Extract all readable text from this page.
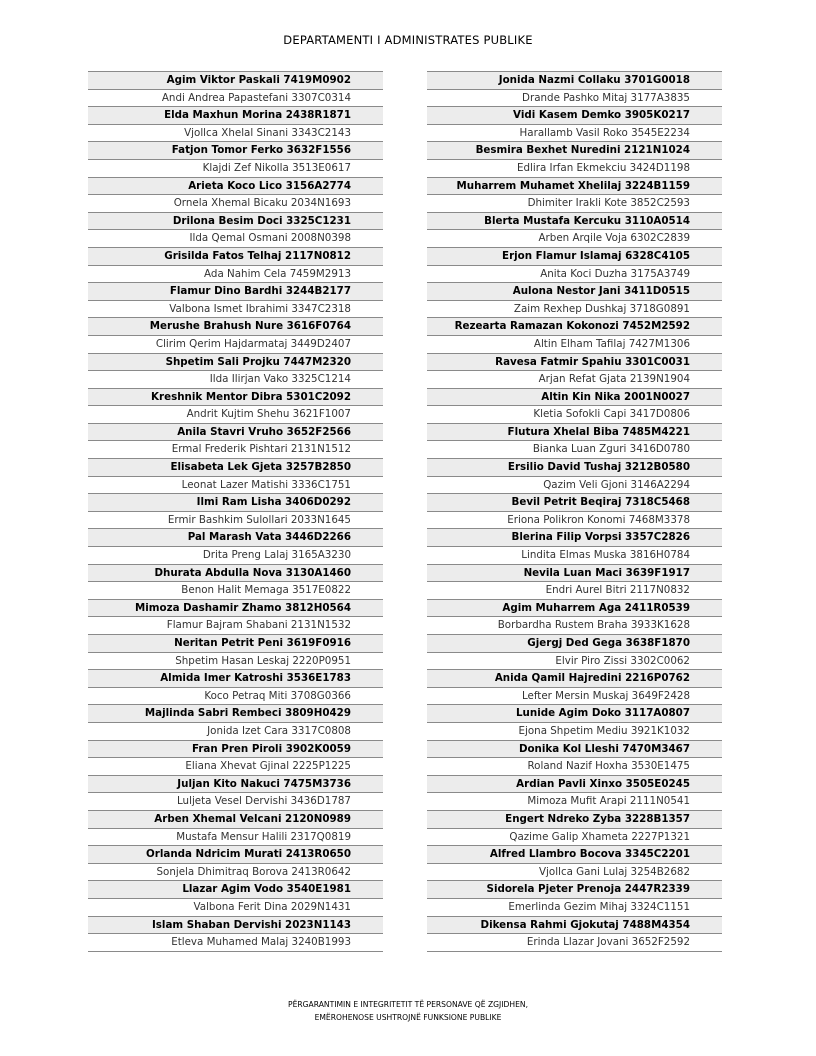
DEPARTAMENTI I ADMINISTRATES PUBLIKE
Agim Viktor Paskali 7419M0902
Andi Andrea Papastefani 3307C0314
Elda Maxhun Morina 2438R1871
Vjollca Xhelal Sinani 3343C2143
Fatjon Tomor Ferko 3632F1556
Klajdi Zef Nikolla 3513E0617
Arieta Koco Lico 3156A2774
Ornela Xhemal Bicaku 2034N1693
Drilona Besim Doci 3325C1231
Ilda Qemal Osmani 2008N0398
Grisilda Fatos Telhaj 2117N0812
Ada Nahim Cela 7459M2913
Flamur Dino Bardhi 3244B2177
Valbona Ismet Ibrahimi 3347C2318
Merushe Brahush Nure 3616F0764
Clirim Qerim Hajdarmataj 3449D2407
Shpetim Sali Projku 7447M2320
Ilda Ilirjan Vako 3325C1214
Kreshnik Mentor Dibra 5301C2092
Andrit Kujtim Shehu 3621F1007
Anila Stavri Vruho 3652F2566
Ermal Frederik Pishtari 2131N1512
Elisabeta Lek Gjeta 3257B2850
Leonat Lazer Matishi 3336C1751
Ilmi Ram Lisha 3406D0292
Ermir Bashkim Sulollari 2033N1645
Pal Marash Vata 3446D2266
Drita Preng Lalaj 3165A3230
Dhurata Abdulla Nova 3130A1460
Benon Halit Memaga 3517E0822
Mimoza Dashamir Zhamo 3812H0564
Flamur Bajram Shabani 2131N1532
Neritan Petrit Peni 3619F0916
Shpetim Hasan Leskaj 2220P0951
Almida Imer Katroshi 3536E1783
Koco Petraq Miti 3708G0366
Majlinda Sabri Rembeci 3809H0429
Jonida Izet Cara 3317C0808
Fran Pren Piroli 3902K0059
Eliana Xhevat Gjinal 2225P1225
Juljan Kito Nakuci 7475M3736
Luljeta Vesel Dervishi 3436D1787
Arben Xhemal Velcani 2120N0989
Mustafa Mensur Halili 2317Q0819
Orlanda Ndricim Murati 2413R0650
Sonjela Dhimitraq Borova 2413R0642
Llazar Agim Vodo 3540E1981
Valbona Ferit Dina 2029N1431
Islam Shaban Dervishi 2023N1143
Etleva Muhamed Malaj 3240B1993
Jonida Nazmi Collaku 3701G0018
Drande Pashko Mitaj 3177A3835
Vidi Kasem Demko 3905K0217
Harallamb Vasil Roko 3545E2234
Besmira Bexhet Nuredini 2121N1024
Edlira Irfan Ekmekciu 3424D1198
Muharrem Muhamet Xhelilaj 3224B1159
Dhimiter Irakli Kote 3852C2593
Blerta Mustafa Kercuku 3110A0514
Arben Arqile Voja 6302C2839
Erjon Flamur Islamaj 6328C4105
Anita Koci Duzha 3175A3749
Aulona Nestor Jani 3411D0515
Zaim Rexhep Dushkaj 3718G0891
Rezearta Ramazan Kokonozi 7452M2592
Altin Elham Tafilaj 7427M1306
Ravesa Fatmir Spahiu 3301C0031
Arjan Refat Gjata 2139N1904
Altin Kin Nika 2001N0027
Kletia Sofokli Capi 3417D0806
Flutura Xhelal Biba 7485M4221
Bianka Luan Zguri 3416D0780
Ersilio David Tushaj 3212B0580
Qazim Veli Gjoni 3146A2294
Bevil Petrit Beqiraj 7318C5468
Eriona Polikron Konomi 7468M3378
Blerina Filip Vorpsi 3357C2826
Lindita Elmas Muska 3816H0784
Nevila Luan Maci 3639F1917
Endri Aurel Bitri 2117N0832
Agim Muharrem Aga 2411R0539
Borbardha Rustem Braha 3933K1628
Gjergj Ded Gega 3638F1870
Elvir Piro Zissi 3302C0062
Anida Qamil Hajredini 2216P0762
Lefter Mersin Muskaj 3649F2428
Lunide Agim Doko 3117A0807
Ejona Shpetim Mediu 3921K1032
Donika Kol Lleshi 7470M3467
Roland Nazif Hoxha 3530E1475
Ardian Pavli Xinxo 3505E0245
Mimoza Mufit Arapi 2111N0541
Engert Ndreko Zyba 3228B1357
Qazime Galip Xhameta 2227P1321
Alfred Llambro Bocova 3345C2201
Vjollca Gani Lulaj 3254B2682
Sidorela Pjeter Prenoja 2447R2339
Emerlinda Gezim Mihaj 3324C1151
Dikensa Rahmi Gjokutaj 7488M4354
Erinda Llazar Jovani 3652F2592
PËRGARANTIMIN E INTEGRITETIT TË PERSONAVE QË ZGJIDHEN,
EMËROHENOSE USHTROJNË FUNKSIONE PUBLIKE
